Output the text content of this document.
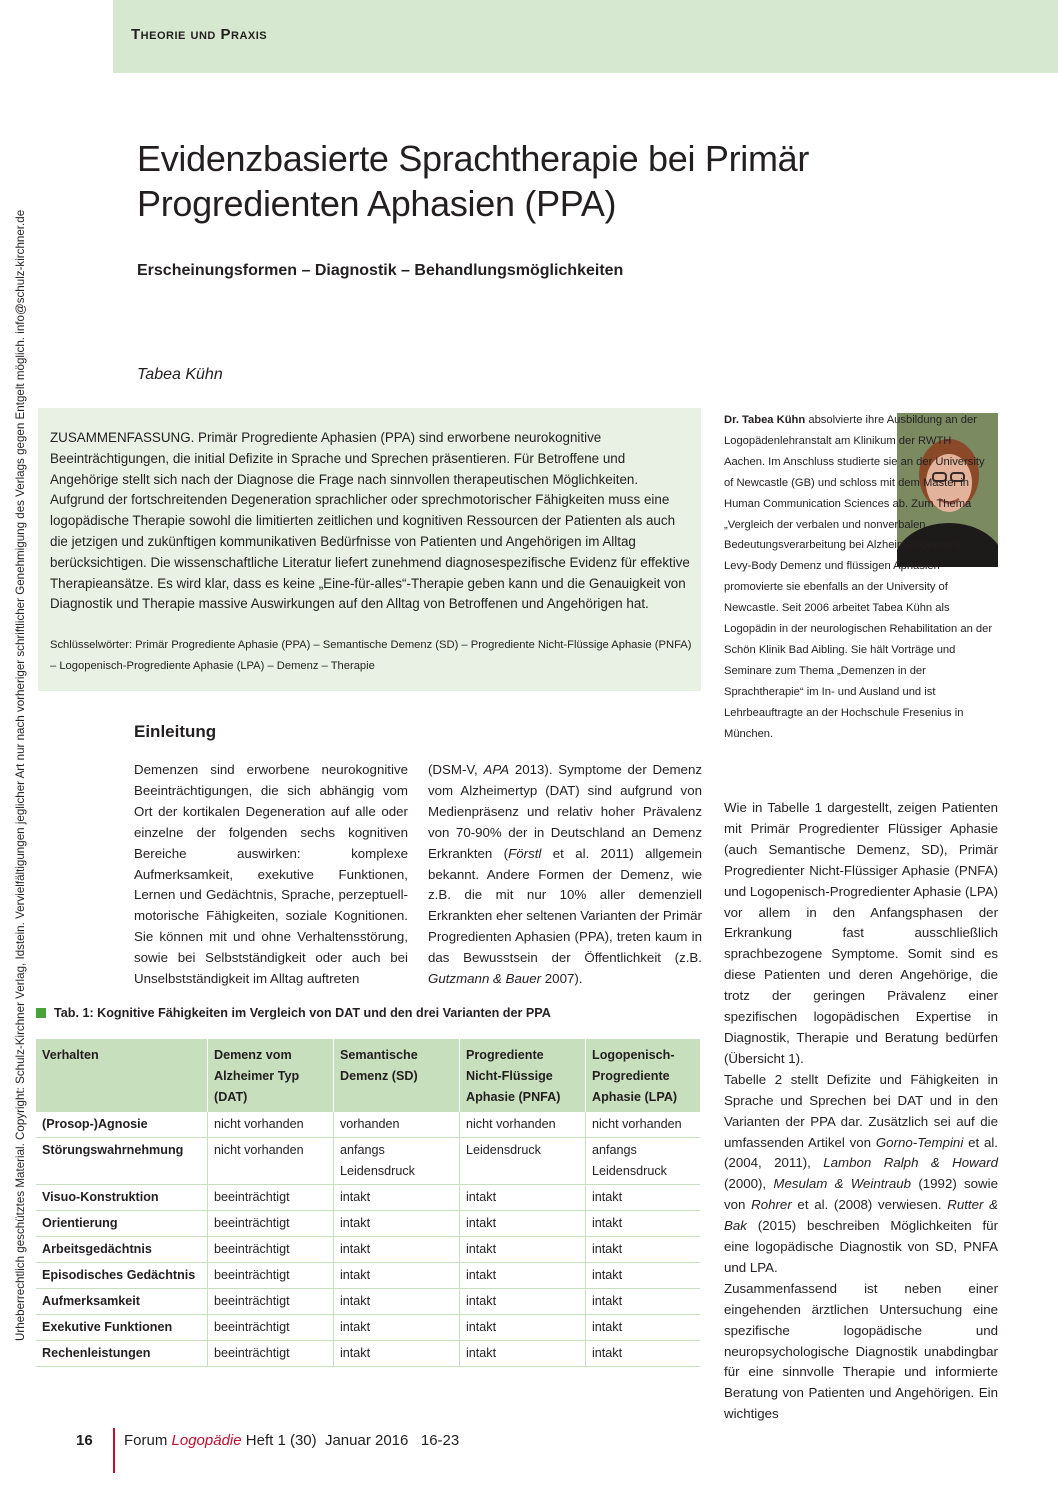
Theorie und Praxis
Urheberrechtlich geschütztes Material. Copyright: Schulz-Kirchner Verlag, Idstein. Vervielfältigungen jeglicher Art nur nach vorheriger schriftlicher Genehmigung des Verlags gegen Entgelt möglich. info@schulz-kirchner.de
Evidenzbasierte Sprachtherapie bei Primär Progredienten Aphasien (PPA)
Erscheinungsformen – Diagnostik – Behandlungsmöglichkeiten
Tabea Kühn

ZUSAMMENFASSUNG. Primär Progrediente Aphasien (PPA) sind erworbene neurokognitive Beeinträchtigungen, die initial Defizite in Sprache und Sprechen präsentieren. Für Betroffene und Angehörige stellt sich nach der Diagnose die Frage nach sinnvollen therapeutischen Möglichkeiten. Aufgrund der fortschreitenden Degeneration sprachlicher oder sprechmotorischer Fähigkeiten muss eine logopädische Therapie sowohl die limitierten zeitlichen und kognitiven Ressourcen der Patienten als auch die jetzigen und zukünftigen kommunikativen Bedürfnisse von Patienten und Angehörigen im Alltag berücksichtigen. Die wissenschaftliche Literatur liefert zunehmend diagnosespezifische Evidenz für effektive Therapieansätze. Es wird klar, dass es keine „Eine-für-alles“-Therapie geben kann und die Genauigkeit von Diagnostik und Therapie massive Auswirkungen auf den Alltag von Betroffenen und Angehörigen hat.

Schlüsselwörter: Primär Progrediente Aphasie (PPA) – Semantische Demenz (SD) – Progrediente Nicht-Flüssige Aphasie (PNFA) – Logopenisch-Progrediente Aphasie (LPA) – Demenz – Therapie

Dr. Tabea Kühn absolvierte ihre Ausbildung an der Logopädenlehranstalt am Klinikum der RWTH Aachen. Im Anschluss studierte sie an der University of Newcastle (GB) und schloss mit dem Master in Human Communication Sciences ab. Zum Thema „Vergleich der verbalen und nonverbalen Bedeutungsverarbeitung bei Alzheimer-Demenz, Levy-Body Demenz und flüssigen Aphasien“ promovierte sie ebenfalls an der University of Newcastle. Seit 2006 arbeitet Tabea Kühn als Logopädin in der neurologischen Rehabilitation an der Schön Klinik Bad Aibling. Sie hält Vorträge und Seminare zum Thema „Demenzen in der Sprachtherapie“ im In- und Ausland und ist Lehrbeauftragte an der Hochschule Fresenius in München.

Einleitung

Demenzen sind erworbene neurokognitive Beeinträchtigungen, die sich abhängig vom Ort der kortikalen Degeneration auf alle oder einzelne der folgenden sechs kognitiven Bereiche auswirken: komplexe Aufmerksamkeit, exekutive Funktionen, Lernen und Gedächtnis, Sprache, perzeptuell-motorische Fähigkeiten, soziale Kognitionen. Sie können mit und ohne Verhaltensstörung, sowie bei Selbstständigkeit oder auch bei Unselbstständigkeit im Alltag auftreten

(DSM-V, APA 2013). Symptome der Demenz vom Alzheimertyp (DAT) sind aufgrund von Medienpräsenz und relativ hoher Prävalenz von 70-90% der in Deutschland an Demenz Erkrankten (Förstl et al. 2011) allgemein bekannt. Andere Formen der Demenz, wie z.B. die mit nur 10% aller demenziell Erkrankten eher seltenen Varianten der Primär Progredienten Aphasien (PPA), treten kaum in das Bewusstsein der Öffentlichkeit (z.B. Gutzmann & Bauer 2007).

Wie in Tabelle 1 dargestellt, zeigen Patienten mit Primär Progredienter Flüssiger Aphasie (auch Semantische Demenz, SD), Primär Progredienter Nicht-Flüssiger Aphasie (PNFA) und Logopenisch-Progredienter Aphasie (LPA) vor allem in den Anfangsphasen der Erkrankung fast ausschließlich sprachbezogene Symptome. Somit sind es diese Patienten und deren Angehörige, die trotz der geringen Prävalenz einer spezifischen logopädischen Expertise in Diagnostik, Therapie und Beratung bedürfen (Übersicht 1).

Tabelle 2 stellt Defizite und Fähigkeiten in Sprache und Sprechen bei DAT und in den Varianten der PPA dar. Zusätzlich sei auf die umfassenden Artikel von Gorno-Tempini et al. (2004, 2011), Lambon Ralph & Howard (2000), Mesulam & Weintraub (1992) sowie von Rohrer et al. (2008) verwiesen. Rutter & Bak (2015) beschreiben Möglichkeiten für eine logopädische Diagnostik von SD, PNFA und LPA.

Zusammenfassend ist neben einer eingehenden ärztlichen Untersuchung eine spezifische logopädische und neuropsychologische Diagnostik unabdingbar für eine sinnvolle Therapie und informierte Beratung von Patienten und Angehörigen. Ein wichtiges

Tab. 1: Kognitive Fähigkeiten im Vergleich von DAT und den drei Varianten der PPA
Verhalten	Demenz vom Alzheimer Typ (DAT)	Semantische Demenz (SD)	Progrediente Nicht-Flüssige Aphasie (PNFA)	Logopenisch-Progrediente Aphasie (LPA)
(Prosop-)Agnosie	nicht vorhanden	vorhanden	nicht vorhanden	nicht vorhanden
Störungswahrnehmung	nicht vorhanden	anfangs Leidensdruck	Leidensdruck	anfangs Leidensdruck
Visuo-Konstruktion	beeinträchtigt	intakt	intakt	intakt
Orientierung	beeinträchtigt	intakt	intakt	intakt
Arbeitsgedächtnis	beeinträchtigt	intakt	intakt	intakt
Episodisches Gedächtnis	beeinträchtigt	intakt	intakt	intakt
Aufmerksamkeit	beeinträchtigt	intakt	intakt	intakt
Exekutive Funktionen	beeinträchtigt	intakt	intakt	intakt
Rechenleistungen	beeinträchtigt	intakt	intakt	intakt
16 Forum Logopädie Heft 1 (30)  Januar 2016   16-23
